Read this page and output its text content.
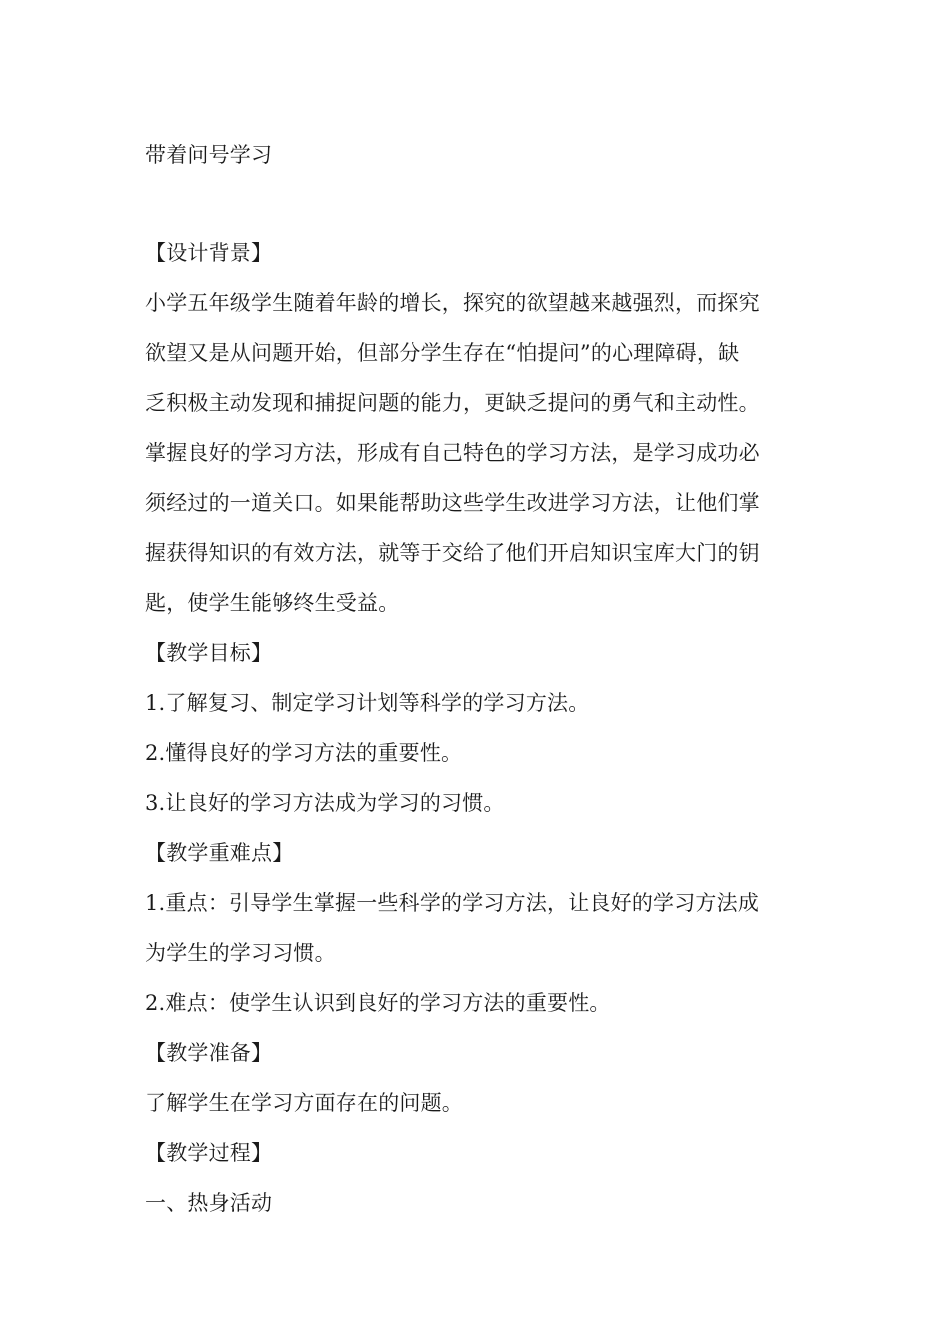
带着问号学习
【设计背景】
小学五年级学生随着年龄的增长，探究的欲望越来越强烈，而探究
欲望又是从问题开始，但部分学生存在“怕提问”的心理障碍，缺
乏积极主动发现和捕捉问题的能力，更缺乏提问的勇气和主动性。
掌握良好的学习方法，形成有自己特色的学习方法，是学习成功必
须经过的一道关口。如果能帮助这些学生改进学习方法，让他们掌
握获得知识的有效方法，就等于交给了他们开启知识宝库大门的钥
匙，使学生能够终生受益。
【教学目标】
1.了解复习、制定学习计划等科学的学习方法。
2.懂得良好的学习方法的重要性。
3.让良好的学习方法成为学习的习惯。
【教学重难点】
1.重点：引导学生掌握一些科学的学习方法，让良好的学习方法成
为学生的学习习惯。
2.难点：使学生认识到良好的学习方法的重要性。
【教学准备】
了解学生在学习方面存在的问题。
【教学过程】
一、热身活动
